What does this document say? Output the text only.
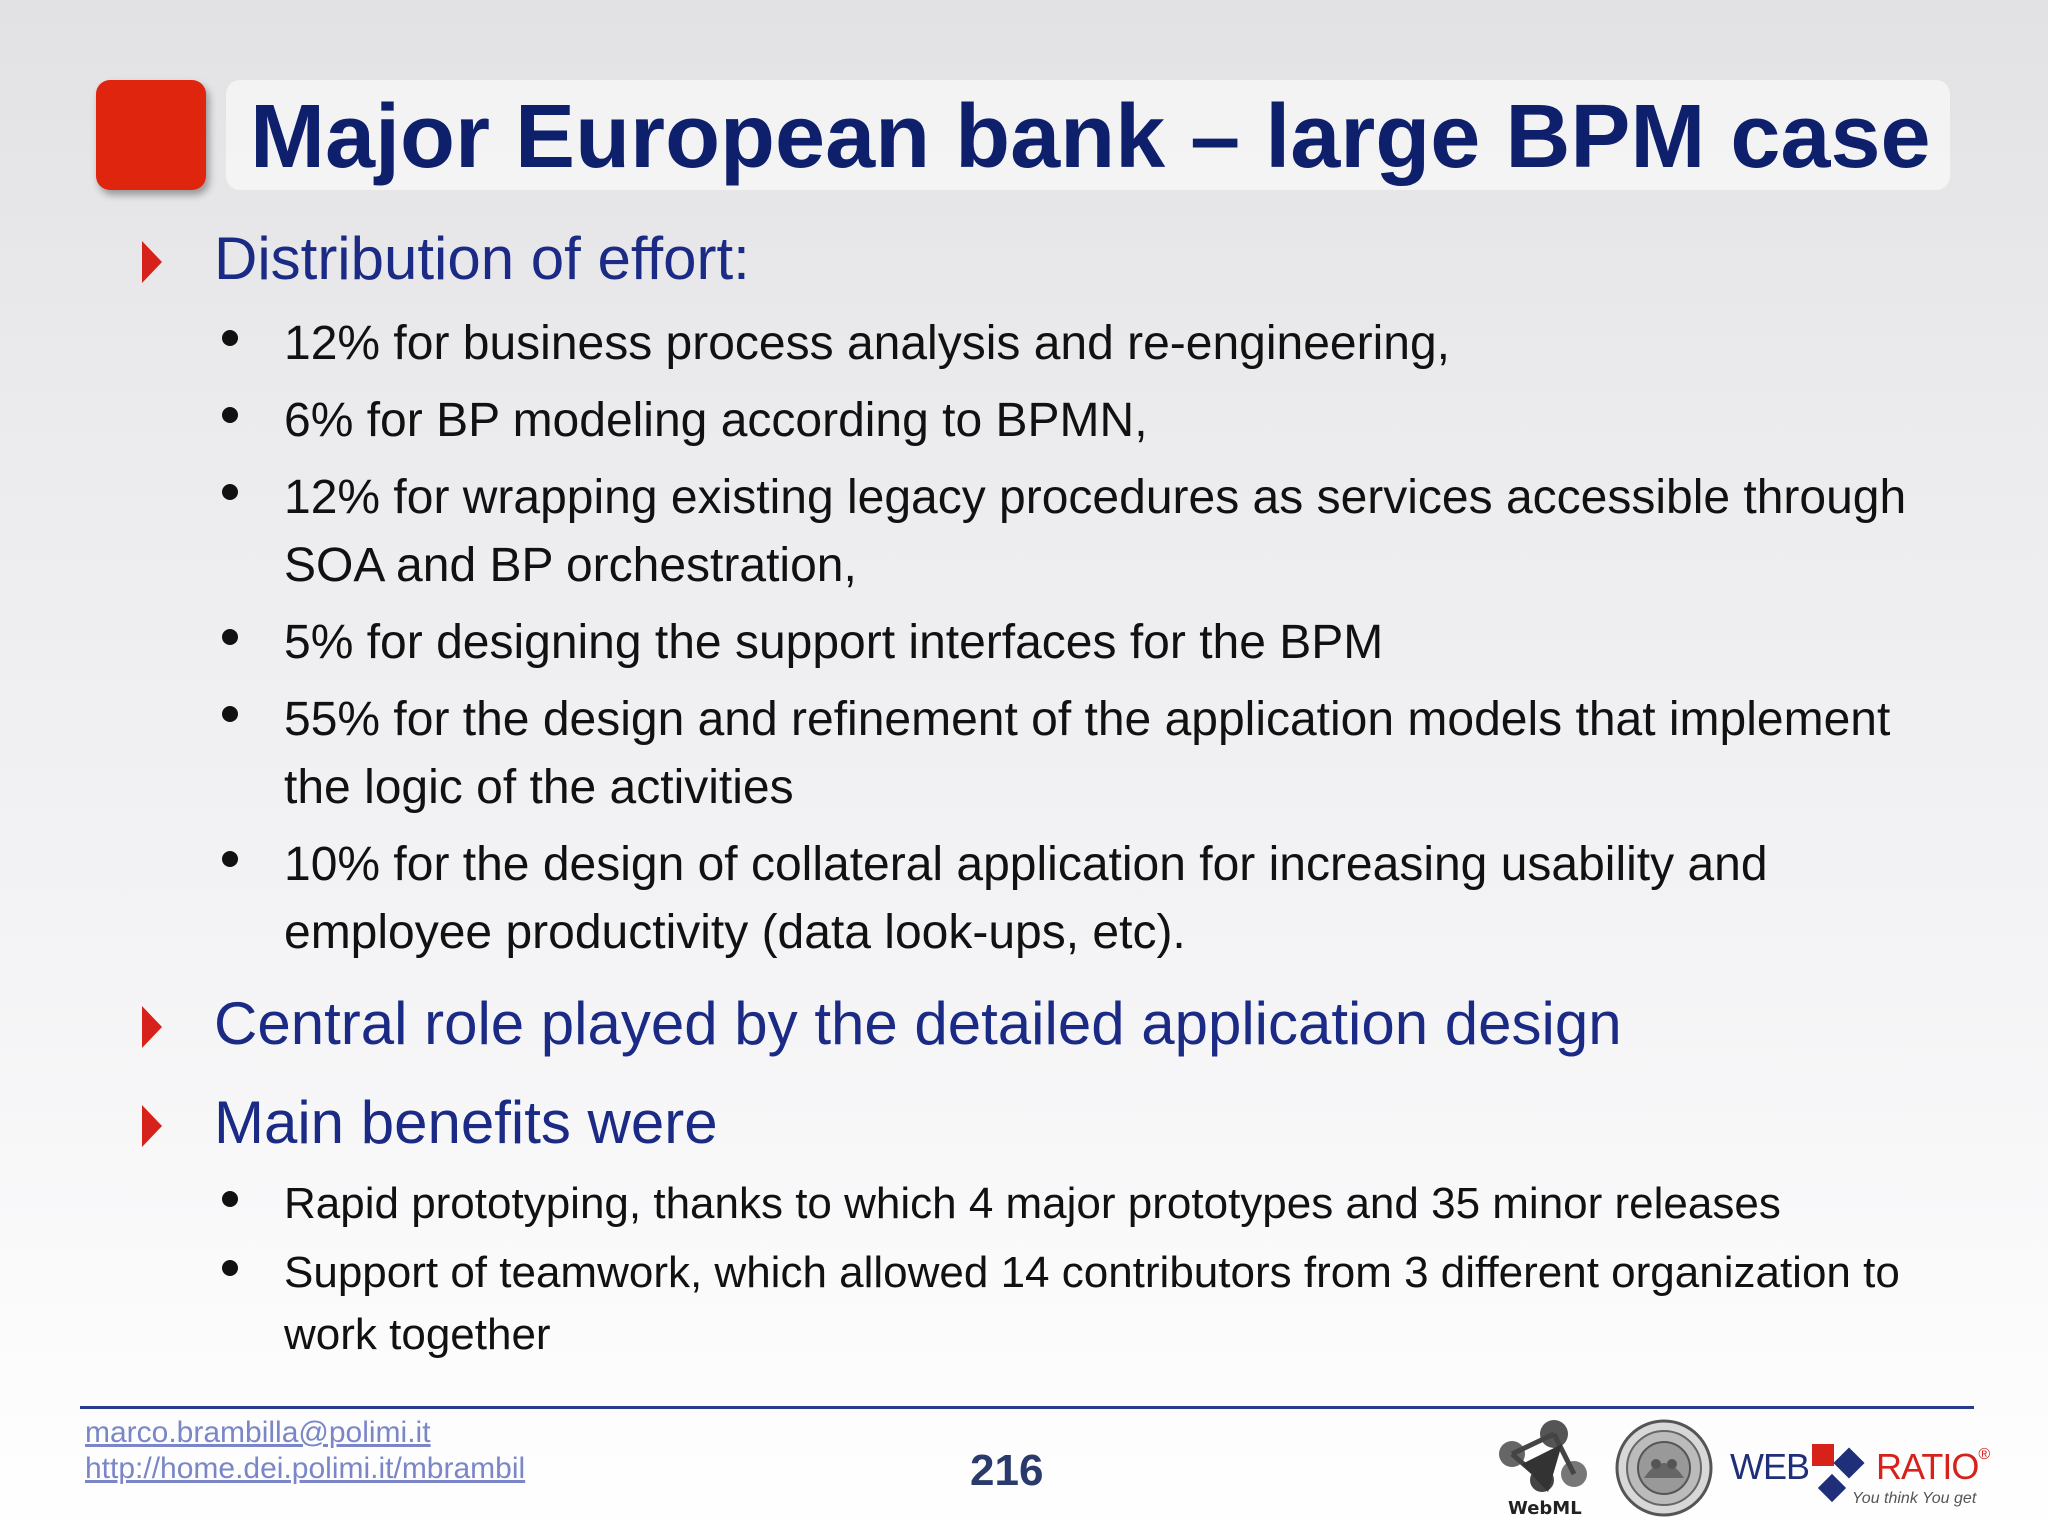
Major European bank – large BPM case
Distribution of effort:
12% for business process analysis and re-engineering,
6% for BP modeling according to BPMN,
12% for wrapping existing legacy procedures as services accessible through SOA and BP orchestration,
5% for designing the support interfaces for the BPM
55% for the design and refinement of the application models that implement the logic of the activities
10% for the design of collateral application for increasing usability and employee productivity (data look-ups, etc).
Central role played by the detailed application design
Main benefits were
Rapid prototyping, thanks to which 4 major prototypes and 35 minor releases
Support of teamwork, which allowed 14 contributors from 3 different organization to work together
marco.brambilla@polimi.it
http://home.dei.polimi.it/mbrambil	216
WebML
WEB RATIO®
You think You get
